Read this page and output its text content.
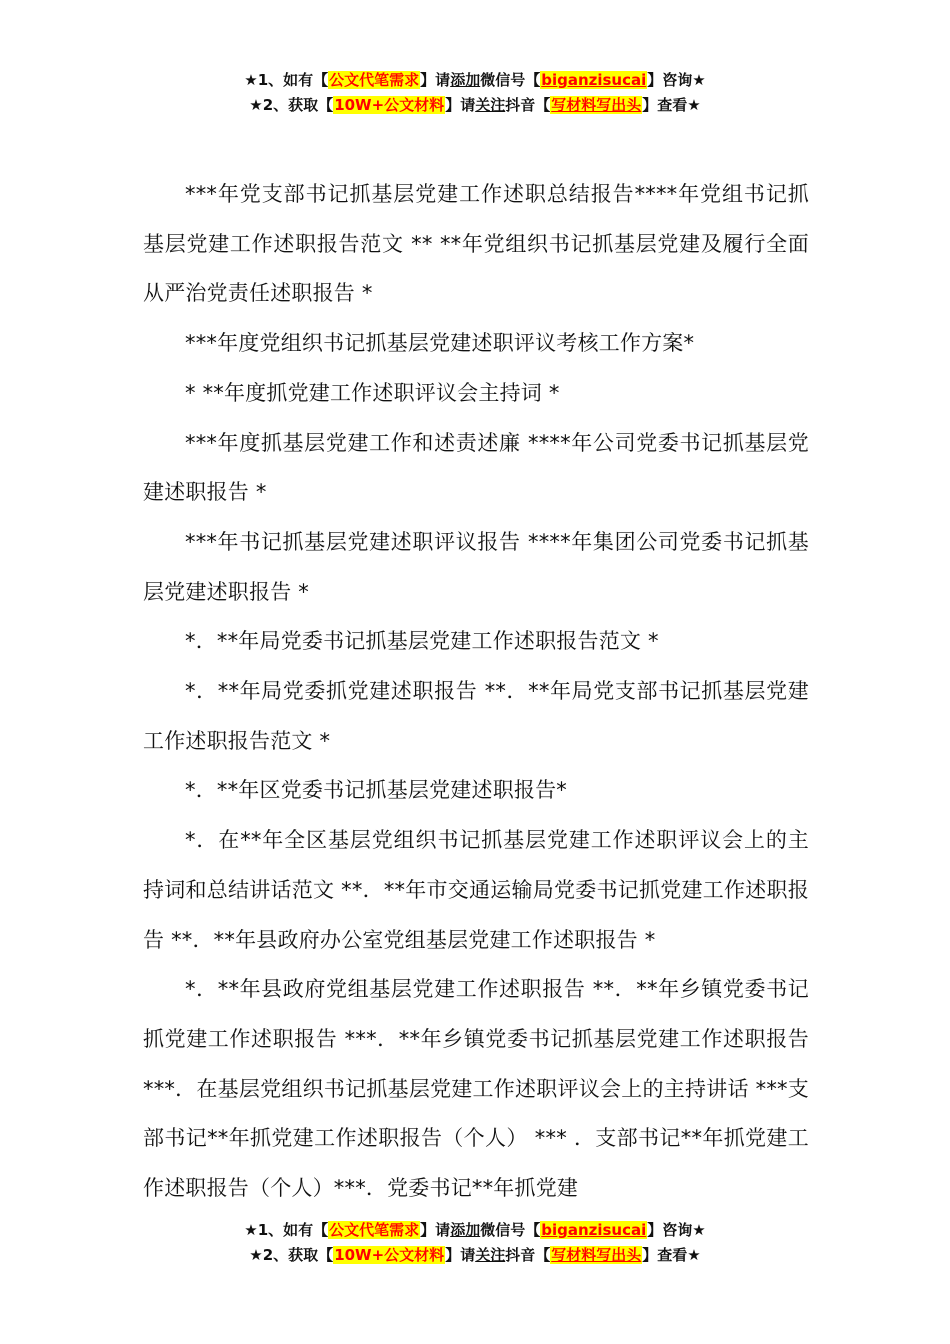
★1、如有【公文代笔需求】请添加微信号【biganzisucai】咨询★
★2、获取【10W+公文材料】请关注抖音【写材料写出头】查看★

***年党支部书记抓基层党建工作述职总结报告****年党组书记抓基层党建工作述职报告范文 ** **年党组织书记抓基层党建及履行全面从严治党责任述职报告 *

***年度党组织书记抓基层党建述职评议考核工作方案*

* **年度抓党建工作述职评议会主持词 *

***年度抓基层党建工作和述责述廉 ****年公司党委书记抓基层党建述职报告 *

***年书记抓基层党建述职评议报告 ****年集团公司党委书记抓基层党建述职报告 *

*．**年局党委书记抓基层党建工作述职报告范文 *

*．**年局党委抓党建述职报告 **．**年局党支部书记抓基层党建工作述职报告范文 *

*．**年区党委书记抓基层党建述职报告*

*．在**年全区基层党组织书记抓基层党建工作述职评议会上的主持词和总结讲话范文 **．**年市交通运输局党委书记抓党建工作述职报告 **．**年县政府办公室党组基层党建工作述职报告 *

*．**年县政府党组基层党建工作述职报告 **．**年乡镇党委书记抓党建工作述职报告 ***．**年乡镇党委书记抓基层党建工作述职报告 ***．在基层党组织书记抓基层党建工作述职评议会上的主持讲话 ***支部书记**年抓党建工作述职报告（个人） *** ．支部书记**年抓党建工作述职报告（个人）***．党委书记**年抓党建

★1、如有【公文代笔需求】请添加微信号【biganzisucai】咨询★
★2、获取【10W+公文材料】请关注抖音【写材料写出头】查看★
